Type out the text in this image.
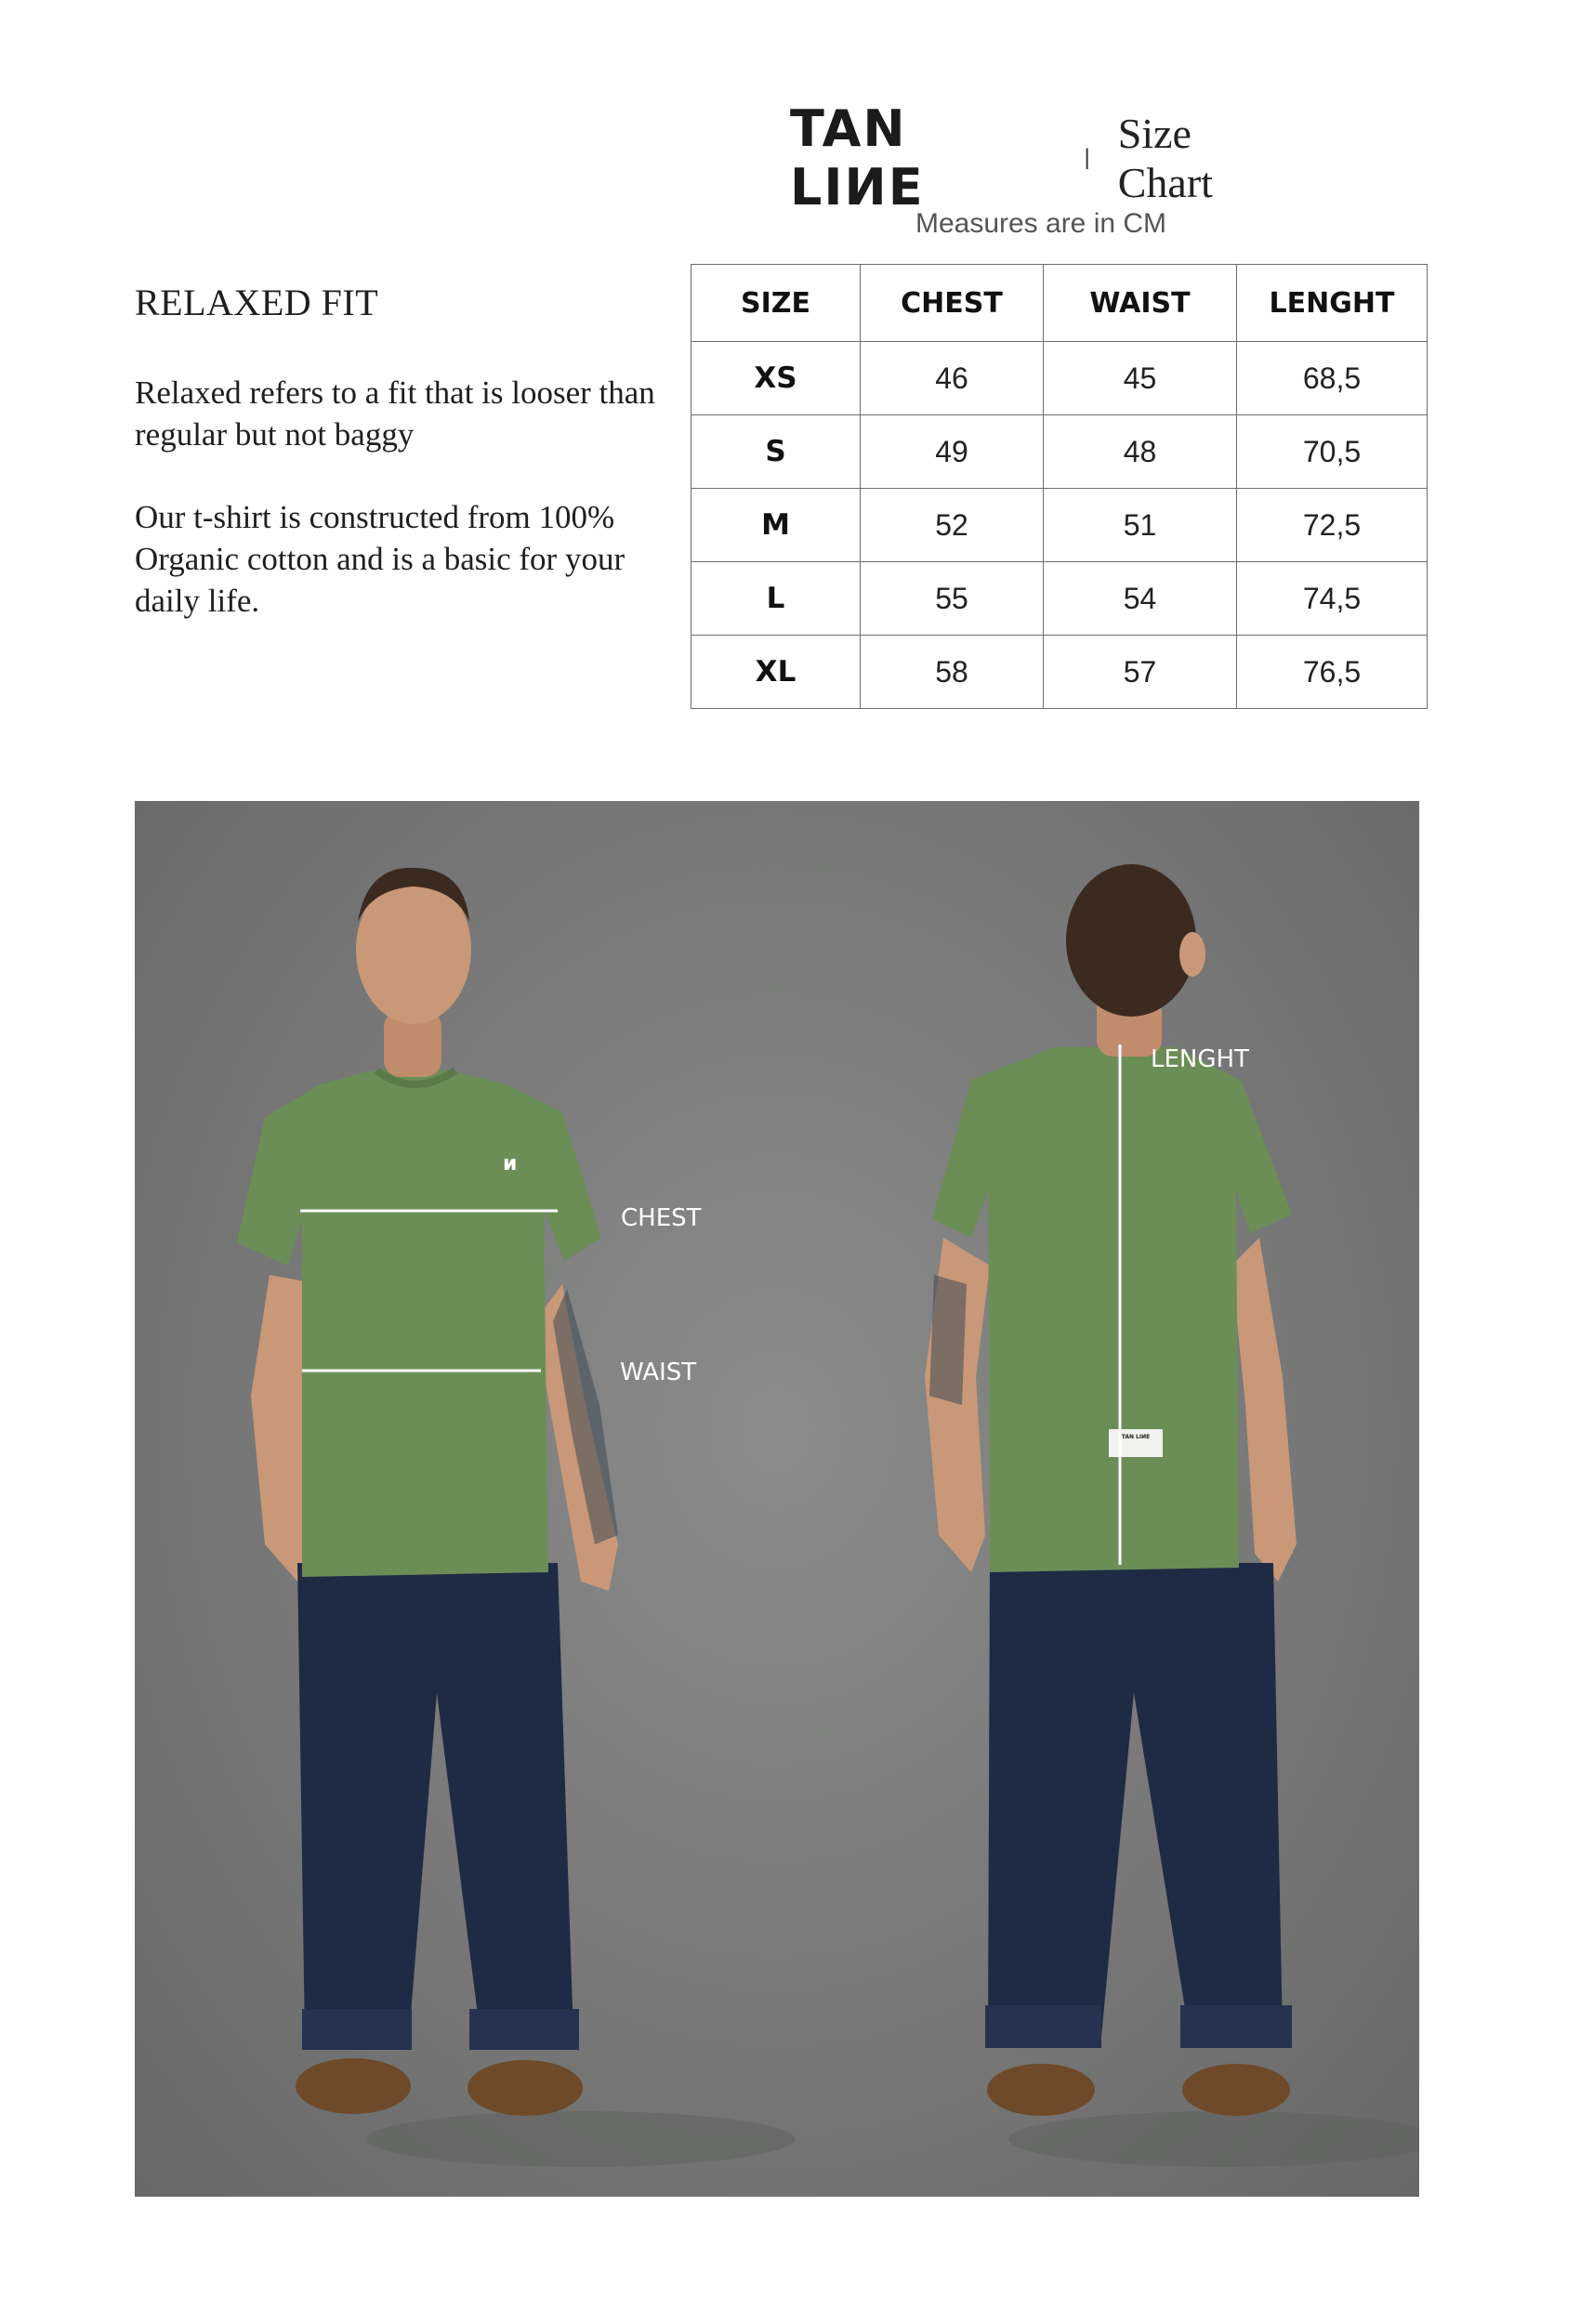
TAN LIИE
|
Size Chart
Measures are in CM
RELAXED FIT
Relaxed refers to a fit that is looser than regular but not baggy
Our t-shirt is constructed from 100% Organic cotton and is a basic for your daily life.
SIZE	CHEST	WAIST	LENGHT
XS	46	45	68,5
S	49	48	70,5
M	52	51	72,5
L	55	54	74,5
XL	58	57	76,5
и
TAN LIИE
CHEST
WAIST
LENGHT
